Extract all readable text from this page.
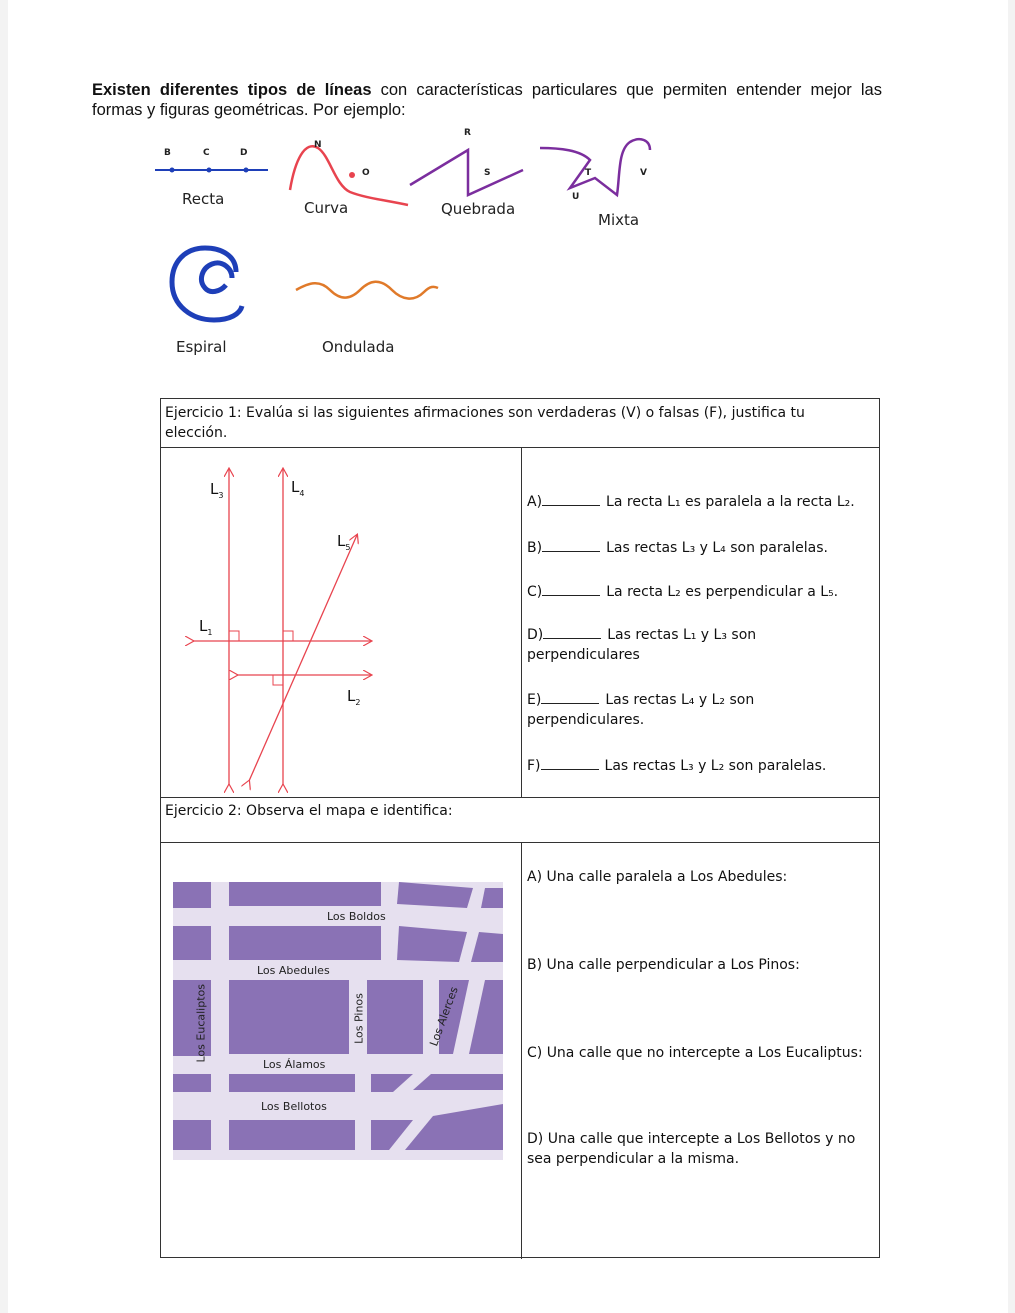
Existen diferentes tipos de líneas con características particulares que permiten entender mejor las formas y figuras geométricas. Por ejemplo:
B	C	D
N
O
R
S	T
U
V
Recta	Curva	Quebrada
Mixta
Espiral	Ondulada
Ejercicio 1: Evalúa si las siguientes afirmaciones son verdaderas (V) o falsas (F), justifica tu elección.
$L_3$	$L_4$
$L_5$
$L_1$
$L_2$
A)	La recta L₁ es paralela a la recta L₂.
B)	Las rectas L₃ y L₄ son paralelas.
C)	La recta L₂ es perpendicular a L₅.
D)	Las rectas L₁ y L₃ son
perpendiculares
E)	Las rectas L₄ y L₂ son
perpendiculares.
F)	Las rectas L₃ y L₂ son paralelas.
Ejercicio 2: Observa el mapa e identifica:
Los Boldos
Los Abedules
Los Eucaliptos	Los Pinos	Los Alerces
Los Álamos
Los Bellotos
A) Una calle paralela a Los Abedules:
B) Una calle perpendicular a Los Pinos:
C) Una calle que no intercepte a Los Eucaliptus:
D) Una calle que intercepte a Los Bellotos y no
sea perpendicular a la misma.
